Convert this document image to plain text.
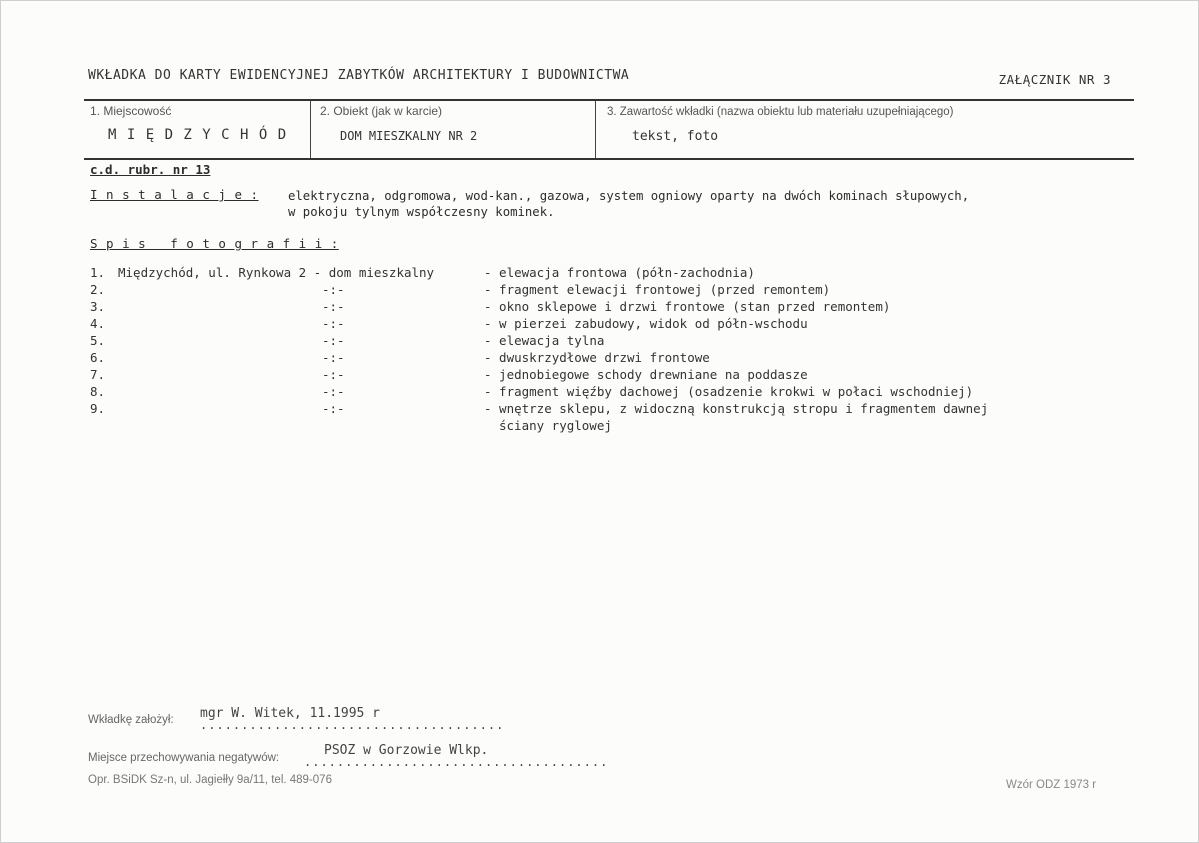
WKŁADKA DO KARTY EWIDENCYJNEJ ZABYTKÓW ARCHITEKTURY I BUDOWNICTWA	ZAŁĄCZNIK NR 3
1. Miejscowość
M I Ę D Z Y C H Ó D
2. Obiekt (jak w karcie)
DOM MIESZKALNY NR 2
3. Zawartość wkładki (nazwa obiektu lub materiału uzupełniającego)
tekst, foto
c.d. rubr. nr 13
I n s t a l a c j e : elektryczna, odgromowa, wod-kan., gazowa, system ogniowy oparty na dwóch kominach słupowych,
w pokoju tylnym współczesny kominek.
S p i s   f o t o g r a f i i :
1. Międzychód, ul. Rynkowa 2 - dom mieszkalny	- elewacja frontowa (półn-zachodnia)
2.	-:-	- fragment elewacji frontowej (przed remontem)
3.	-:-	- okno sklepowe i drzwi frontowe (stan przed remontem)
4.	-:-	- w pierzei zabudowy, widok od półn-wschodu
5.	-:-	- elewacja tylna
6.	-:-	- dwuskrzydłowe drzwi frontowe
7.	-:-	- jednobiegowe schody drewniane na poddasze
8.	-:-	- fragment więźby dachowej (osadzenie krokwi w połaci wschodniej)
9.	-:-	- wnętrze sklepu, z widoczną konstrukcją stropu i fragmentem dawnej
ściany ryglowej
Wkładkę założył: mgr W. Witek, 11.1995 r
.....................................
Miejsce przechowywania negatywów:	PSOZ w Gorzowie Wlkp.
.....................................
Opr. BSiDK Sz-n, ul. Jagiełły 9a/11, tel. 489-076	Wzór ODZ 1973 r
